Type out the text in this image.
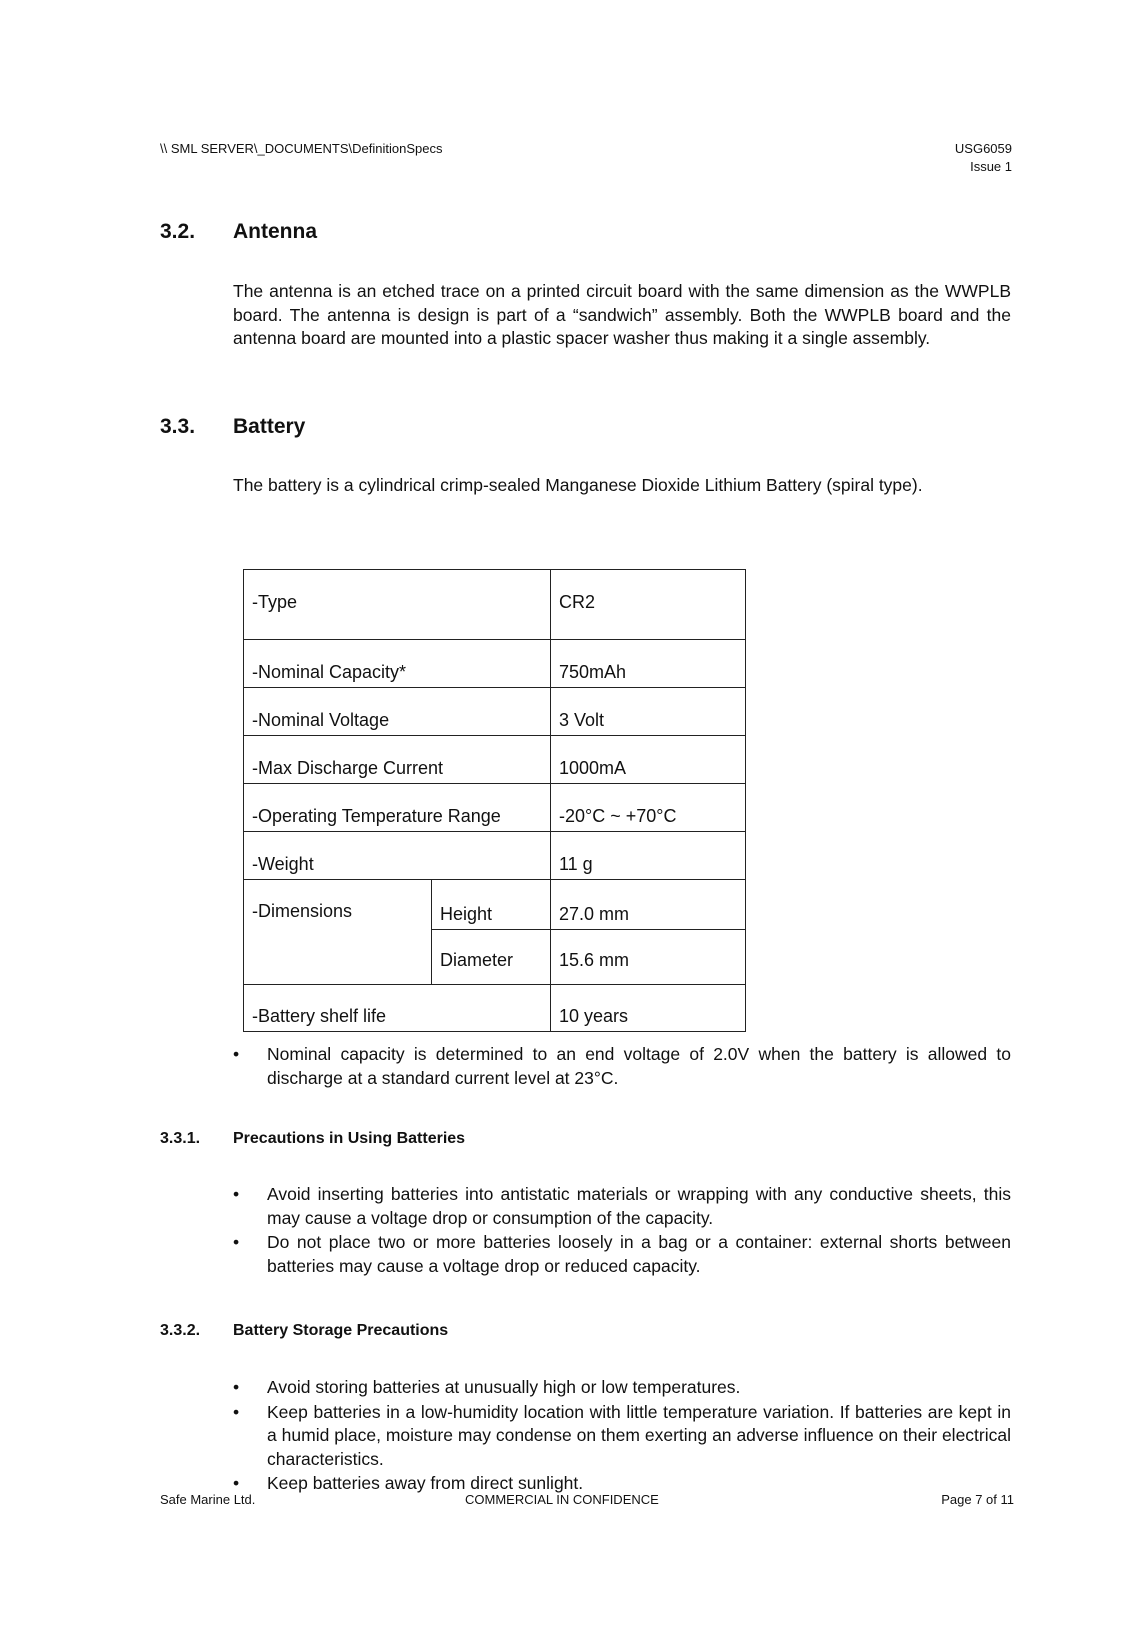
\\ SML SERVER\_DOCUMENTS\DefinitionSpecs	USG6059
Issue 1
3.2. Antenna
The antenna is an etched trace on a printed circuit board with the same dimension as the WWPLB board. The antenna is design is part of a “sandwich” assembly. Both the WWPLB board and the antenna board are mounted into a plastic spacer washer thus making it a single assembly.
3.3. Battery
The battery is a cylindrical crimp-sealed Manganese Dioxide Lithium Battery (spiral type).
-Type		CR2
-Nominal Capacity*		750mAh
-Nominal Voltage		3 Volt
-Max Discharge Current		1000mA
-Operating Temperature Range		-20°C ~ +70°C
-Weight		11 g
-Dimensions	Height	27.0 mm
	Diameter	15.6 mm
-Battery shelf life		10 years
• Nominal capacity is determined to an end voltage of 2.0V when the battery is allowed to discharge at a standard current level at 23°C.
3.3.1. Precautions in Using Batteries
• Avoid inserting batteries into antistatic materials or wrapping with any conductive sheets, this may cause a voltage drop or consumption of the capacity.
• Do not place two or more batteries loosely in a bag or a container: external shorts between batteries may cause a voltage drop or reduced capacity.
3.3.2. Battery Storage Precautions
• Avoid storing batteries at unusually high or low temperatures.
• Keep batteries in a low-humidity location with little temperature variation. If batteries are kept in a humid place, moisture may condense on them exerting an adverse influence on their electrical characteristics.
• Keep batteries away from direct sunlight.
Safe Marine Ltd.	COMMERCIAL IN CONFIDENCE	Page 7 of 11
